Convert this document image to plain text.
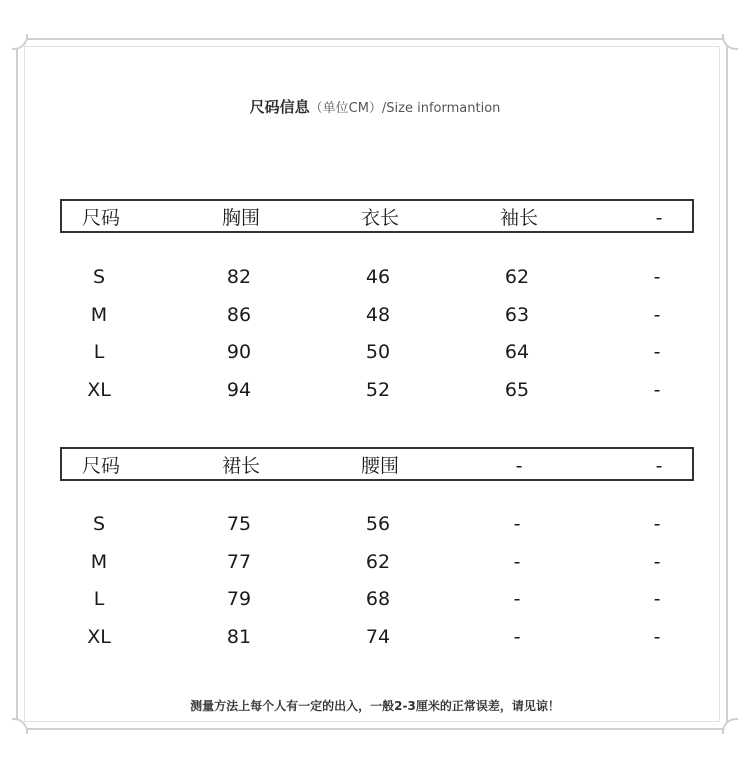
尺码信息（单位CM）/Size informantion
尺码	胸围	衣长	袖长	-
S	82	46	62	-
M	86	48	63	-
L	90	50	64	-
XL	94	52	65	-
尺码	裙长	腰围	-	-
S	75	56	-	-
M	77	62	-	-
L	79	68	-	-
XL	81	74	-	-
测量方法上每个人有一定的出入，一般2-3厘米的正常误差，请见谅！
